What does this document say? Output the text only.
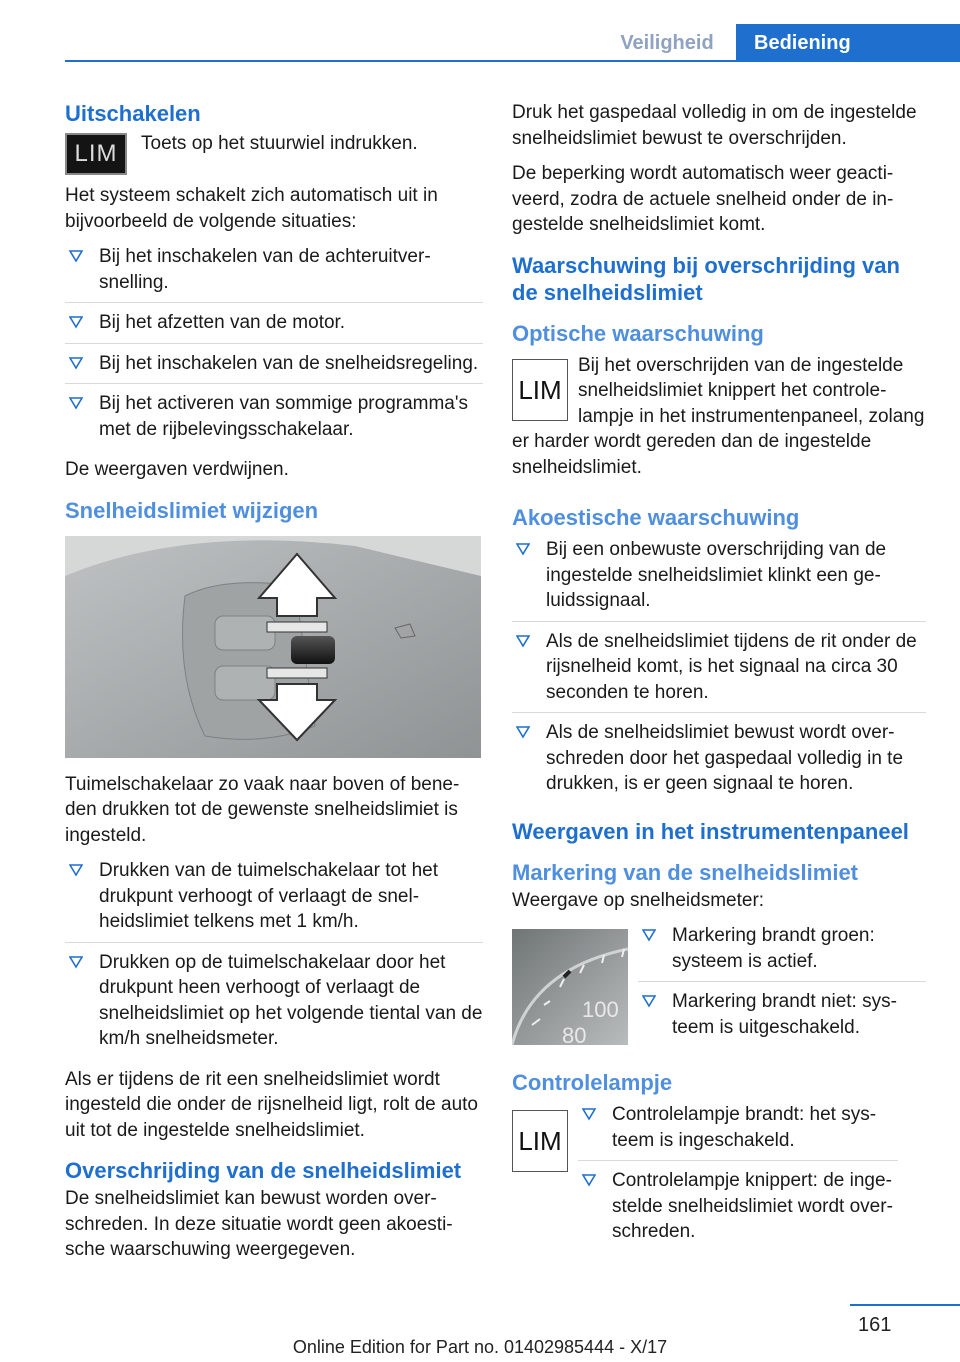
Veiligheid	Bediening
Uitschakelen
LIM	Toets op het stuurwiel indrukken.

Het systeem schakelt zich automatisch uit in bijvoorbeeld de volgende situaties:

Bij het inschakelen van de achteruitversnelling.
Bij het afzetten van de motor.
Bij het inschakelen van de snelheidsregeling.
Bij het activeren van sommige programma's met de rijbelevingsschakelaar.

De weergaven verdwijnen.

Snelheidslimiet wijzigen

Tuimelschakelaar zo vaak naar boven of beneden drukken tot de gewenste snelheidslimiet is ingesteld.

Drukken van de tuimelschakelaar tot het drukpunt verhoogt of verlaagt de snelheidslimiet telkens met 1 km/h.
Drukken op de tuimelschakelaar door het drukpunt heen verhoogt of verlaagt de snelheidslimiet op het volgende tiental van de km/h snelheidsmeter.

Als er tijdens de rit een snelheidslimiet wordt ingesteld die onder de rijsnelheid ligt, rolt de auto uit tot de ingestelde snelheidslimiet.

Overschrijding van de snelheidslimiet

De snelheidslimiet kan bewust worden overschreden. In deze situatie wordt geen akoestische waarschuwing weergegeven.

Druk het gaspedaal volledig in om de ingestelde snelheidslimiet bewust te overschrijden.

De beperking wordt automatisch weer geactiveerd, zodra de actuele snelheid onder de ingestelde snelheidslimiet komt.

Waarschuwing bij overschrijding van de snelheidslimiet
Optische waarschuwing
LIM

Bij het overschrijden van de ingestelde snelheidslimiet knippert het controlelampje in het instrumentenpaneel, zolang er harder wordt gereden dan de ingestelde snelheidslimiet.

Akoestische waarschuwing
Bij een onbewuste overschrijding van de ingestelde snelheidslimiet klinkt een geluidssignaal.
Als de snelheidslimiet tijdens de rit onder de rijsnelheid komt, is het signaal na circa 30 seconden te horen.
Als de snelheidslimiet bewust wordt overschreden door het gaspedaal volledig in te drukken, is er geen signaal te horen.
Weergaven in het instrumentenpaneel
Markering van de snelheidslimiet

Weergave op snelheidsmeter:

100
80
Markering brandt groen: systeem is actief.
Markering brandt niet: systeem is uitgeschakeld.
Controlelampje
LIM
Controlelampje brandt: het systeem is ingeschakeld.
Controlelampje knippert: de ingestelde snelheidslimiet wordt overschreden.
161
Online Edition for Part no. 01402985444 - X/17
